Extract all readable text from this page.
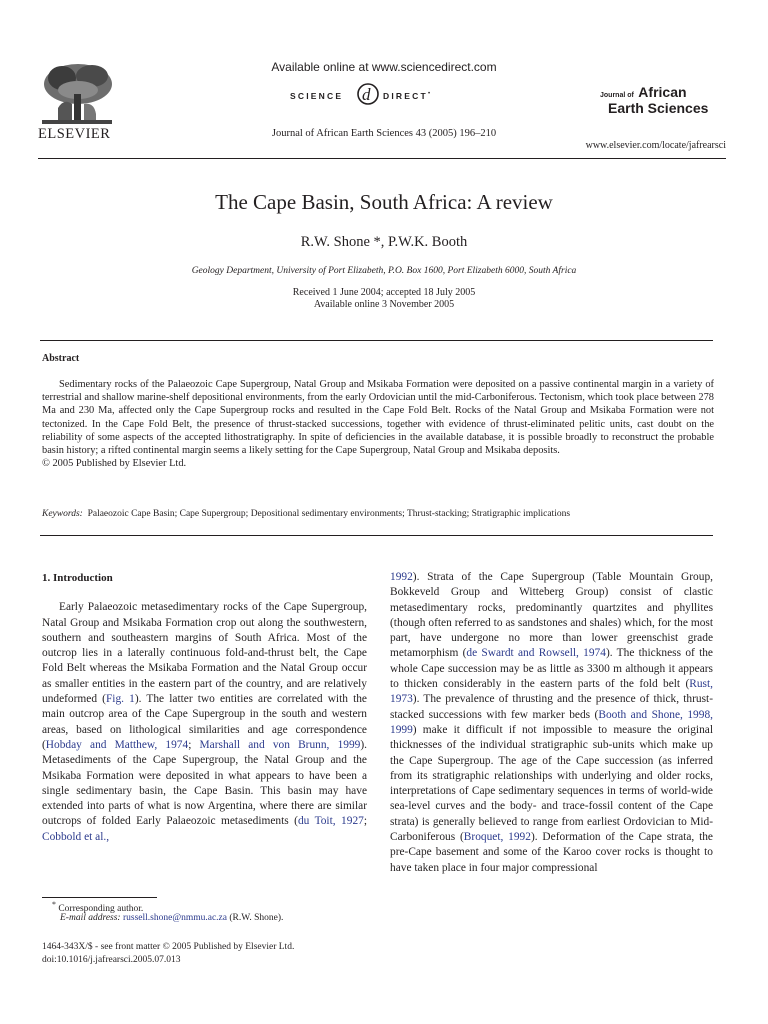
ELSEVIER
Available online at www.sciencedirect.com
SCIENCE d DIRECT •
Journal of African Earth Sciences 43 (2005) 196–210
Journal of African
Earth Sciences
www.elsevier.com/locate/jafrearsci
The Cape Basin, South Africa: A review
R.W. Shone *, P.W.K. Booth
Geology Department, University of Port Elizabeth, P.O. Box 1600, Port Elizabeth 6000, South Africa
Received 1 June 2004; accepted 18 July 2005
Available online 3 November 2005
Abstract
Sedimentary rocks of the Palaeozoic Cape Supergroup, Natal Group and Msikaba Formation were deposited on a passive continental margin in a variety of terrestrial and shallow marine-shelf depositional environments, from the early Ordovician until the mid-Carboniferous. Tectonism, which took place between 278 Ma and 230 Ma, affected only the Cape Supergroup rocks and resulted in the Cape Fold Belt. Rocks of the Natal Group and Msikaba Formation were not tectonized. In the Cape Fold Belt, the presence of thrust-stacked successions, together with evidence of thrust-eliminated pelitic units, cast doubt on the reliability of some aspects of the accepted lithostratigraphy. In spite of deficiencies in the available database, it is possible broadly to reconstruct the probable basin history; a rifted continental margin seems a likely setting for the Cape Supergroup, Natal Group and Msikaba deposits.
© 2005 Published by Elsevier Ltd.
Keywords: Palaeozoic Cape Basin; Cape Supergroup; Depositional sedimentary environments; Thrust-stacking; Stratigraphic implications
1. Introduction

Early Palaeozoic metasedimentary rocks of the Cape Supergroup, Natal Group and Msikaba Formation crop out along the southwestern, southern and southeastern margins of South Africa. Most of the outcrop lies in a laterally continuous fold-and-thrust belt, the Cape Fold Belt whereas the Msikaba Formation and the Natal Group occur as smaller entities in the eastern part of the country, and are relatively undeformed (Fig. 1). The latter two entities are correlated with the main outcrop area of the Cape Supergroup in the south and western areas, based on lithological similarities and age correspondence (Hobday and Matthew, 1974; Marshall and von Brunn, 1999). Metasediments of the Cape Supergroup, the Natal Group and the Msikaba Formation were deposited in what appears to have been a single sedimentary basin, the Cape Basin. This basin may have extended into parts of what is now Argentina, where there are similar outcrops of folded Early Palaeozoic metasediments (du Toit, 1927; Cobbold et al.,

1992). Strata of the Cape Supergroup (Table Mountain Group, Bokkeveld Group and Witteberg Group) consist of clastic metasedimentary rocks, predominantly quartzites and phyllites (though often referred to as sandstones and shales) which, for the most part, have undergone no more than lower greenschist grade metamorphism (de Swardt and Rowsell, 1974). The thickness of the whole Cape succession may be as little as 3300 m although it appears to thicken considerably in the eastern parts of the fold belt (Rust, 1973). The prevalence of thrusting and the presence of thick, thrust-stacked successions with few marker beds (Booth and Shone, 1998, 1999) make it difficult if not impossible to measure the original thicknesses of the individual stratigraphic sub-units which make up the Cape Supergroup. The age of the Cape succession (as inferred from its stratigraphic relationships with underlying and older rocks, interpretations of Cape sedimentary sequences in terms of world-wide sea-level curves and the body- and trace-fossil content of the Cape strata) is generally believed to range from earliest Ordovician to Mid-Carboniferous (Broquet, 1992). Deformation of the Cape strata, the pre-Cape basement and some of the Karoo cover rocks is thought to have taken place in four major compressional

* Corresponding author.
E-mail address: russell.shone@nmmu.ac.za (R.W. Shone).
1464-343X/$ - see front matter © 2005 Published by Elsevier Ltd.
doi:10.1016/j.jafrearsci.2005.07.013
